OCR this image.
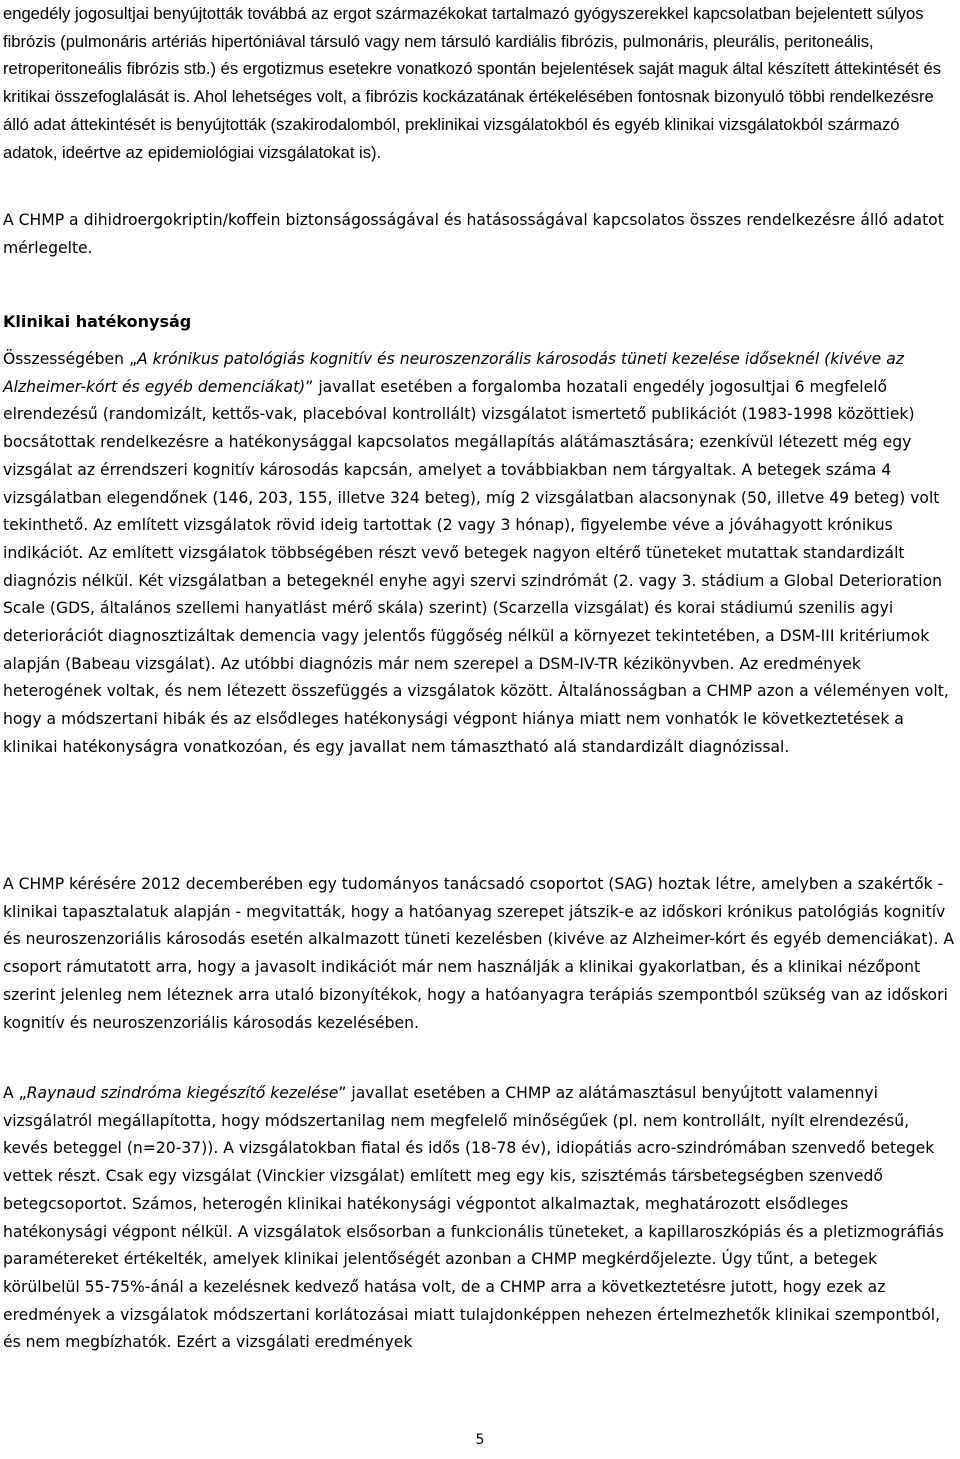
engedély jogosultjai benyújtották továbbá az ergot származékokat tartalmazó gyógyszerekkel kapcsolatban bejelentett súlyos fibrózis (pulmonáris artériás hipertóniával társuló vagy nem társuló kardiális fibrózis, pulmonáris, pleurális, peritoneális, retroperitoneális fibrózis stb.) és ergotizmus esetekre vonatkozó spontán bejelentések saját maguk által készített áttekintését és kritikai összefoglalását is. Ahol lehetséges volt, a fibrózis kockázatának értékelésében fontosnak bizonyuló többi rendelkezésre álló adat áttekintését is benyújtották (szakirodalomból, preklinikai vizsgálatokból és egyéb klinikai vizsgálatokból származó adatok, ideértve az epidemiológiai vizsgálatokat is).

A CHMP a dihidroergokriptin/koffein biztonságosságával és hatásosságával kapcsolatos összes rendelkezésre álló adatot mérlegelte.

Klinikai hatékonyság

Összességében „A krónikus patológiás kognitív és neuroszenzorális károsodás tüneti kezelése időseknél (kivéve az Alzheimer-kórt és egyéb demenciákat)” javallat esetében a forgalomba hozatali engedély jogosultjai 6 megfelelő elrendezésű (randomizált, kettős-vak, placebóval kontrollált) vizsgálatot ismertető publikációt (1983-1998 közöttiek) bocsátottak rendelkezésre a hatékonysággal kapcsolatos megállapítás alátámasztására; ezenkívül létezett még egy vizsgálat az érrendszeri kognitív károsodás kapcsán, amelyet a továbbiakban nem tárgyaltak. A betegek száma 4 vizsgálatban elegendőnek (146, 203, 155, illetve 324 beteg), míg 2 vizsgálatban alacsonynak (50, illetve 49 beteg) volt tekinthető. Az említett vizsgálatok rövid ideig tartottak (2 vagy 3 hónap), figyelembe véve a jóváhagyott krónikus indikációt. Az említett vizsgálatok többségében részt vevő betegek nagyon eltérő tüneteket mutattak standardizált diagnózis nélkül. Két vizsgálatban a betegeknél enyhe agyi szervi szindrómát (2. vagy 3. stádium a Global Deterioration Scale (GDS, általános szellemi hanyatlást mérő skála) szerint) (Scarzella vizsgálat) és korai stádiumú szenilis agyi deteriorációt diagnosztizáltak demencia vagy jelentős függőség nélkül a környezet tekintetében, a DSM-III kritériumok alapján (Babeau vizsgálat). Az utóbbi diagnózis már nem szerepel a DSM-IV-TR kézikönyvben. Az eredmények heterogének voltak, és nem létezett összefüggés a vizsgálatok között. Általánosságban a CHMP azon a véleményen volt, hogy a módszertani hibák és az elsődleges hatékonysági végpont hiánya miatt nem vonhatók le következtetések a klinikai hatékonyságra vonatkozóan, és egy javallat nem támasztható alá standardizált diagnózissal.

A CHMP kérésére 2012 decemberében egy tudományos tanácsadó csoportot (SAG) hoztak létre, amelyben a szakértők - klinikai tapasztalatuk alapján - megvitatták, hogy a hatóanyag szerepet játszik-e az időskori krónikus patológiás kognitív és neuroszenzoriális károsodás esetén alkalmazott tüneti kezelésben (kivéve az Alzheimer-kórt és egyéb demenciákat). A csoport rámutatott arra, hogy a javasolt indikációt már nem használják a klinikai gyakorlatban, és a klinikai nézőpont szerint jelenleg nem léteznek arra utaló bizonyítékok, hogy a hatóanyagra terápiás szempontból szükség van az időskori kognitív és neuroszenzoriális károsodás kezelésében.

A „Raynaud szindróma kiegészítő kezelése” javallat esetében a CHMP az alátámasztásul benyújtott valamennyi vizsgálatról megállapította, hogy módszertanilag nem megfelelő minőségűek (pl. nem kontrollált, nyílt elrendezésű, kevés beteggel (n=20-37)). A vizsgálatokban fiatal és idős (18-78 év), idiopátiás acro-szindrómában szenvedő betegek vettek részt. Csak egy vizsgálat (Vinckier vizsgálat) említett meg egy kis, szisztémás társbetegségben szenvedő betegcsoportot. Számos, heterogén klinikai hatékonysági végpontot alkalmaztak, meghatározott elsődleges hatékonysági végpont nélkül. A vizsgálatok elsősorban a funkcionális tüneteket, a kapillaroszkópiás és a pletizmográfiás paramétereket értékelték, amelyek klinikai jelentőségét azonban a CHMP megkérdőjelezte. Úgy tűnt, a betegek körülbelül 55-75%-ánál a kezelésnek kedvező hatása volt, de a CHMP arra a következtetésre jutott, hogy ezek az eredmények a vizsgálatok módszertani korlátozásai miatt tulajdonképpen nehezen értelmezhetők klinikai szempontból, és nem megbízhatók. Ezért a vizsgálati eredmények

5
